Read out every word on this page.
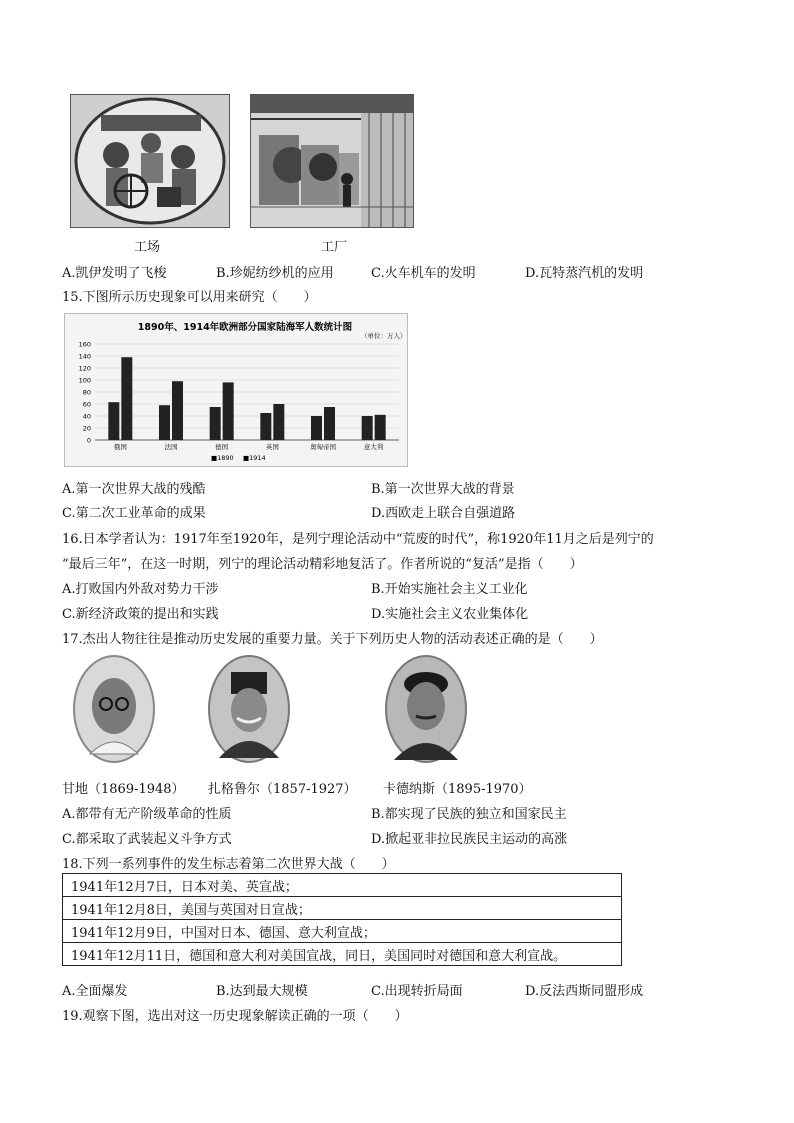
工场	工厂
A.凯伊发明了飞梭	B.珍妮纺纱机的应用	C.火车机车的发明	D.瓦特蒸汽机的发明
15.下图所示历史现象可以用来研究（　　）
1890年、1914年欧洲部分国家陆海军人数统计图
（单位：万人）
0
20
40
60
80
100
120
140
160
俄国	法国	德国	英国	奥匈帝国	意大利
■1890 ■1914
A.第一次世界大战的残酷	B.第一次世界大战的背景
C.第二次工业革命的成果	D.西欧走上联合自强道路
16.日本学者认为：1917年至1920年，是列宁理论活动中“荒废的时代”，称1920年11月之后是列宁的
“最后三年”，在这一时期，列宁的理论活动精彩地复活了。作者所说的“复活”是指（　　）
A.打败国内外敌对势力干涉	B.开始实施社会主义工业化
C.新经济政策的提出和实践	D.实施社会主义农业集体化
17.杰出人物往往是推动历史发展的重要力量。关于下列历史人物的活动表述正确的是（　　）
甘地（1869-1948） 扎格鲁尔（1857-1927） 卡德纳斯（1895-1970）
A.都带有无产阶级革命的性质	B.都实现了民族的独立和国家民主
C.都采取了武装起义斗争方式	D.掀起亚非拉民族民主运动的高涨
18.下列一系列事件的发生标志着第二次世界大战（　　）
1941年12月7日，日本对美、英宣战；
1941年12月8日，美国与英国对日宣战；
1941年12月9日，中国对日本、德国、意大利宣战；
1941年12月11日，德国和意大利对美国宣战，同日，美国同时对德国和意大利宣战。
A.全面爆发	B.达到最大规模	C.出现转折局面	D.反法西斯同盟形成
19.观察下图，选出对这一历史现象解读正确的一项（　　）
